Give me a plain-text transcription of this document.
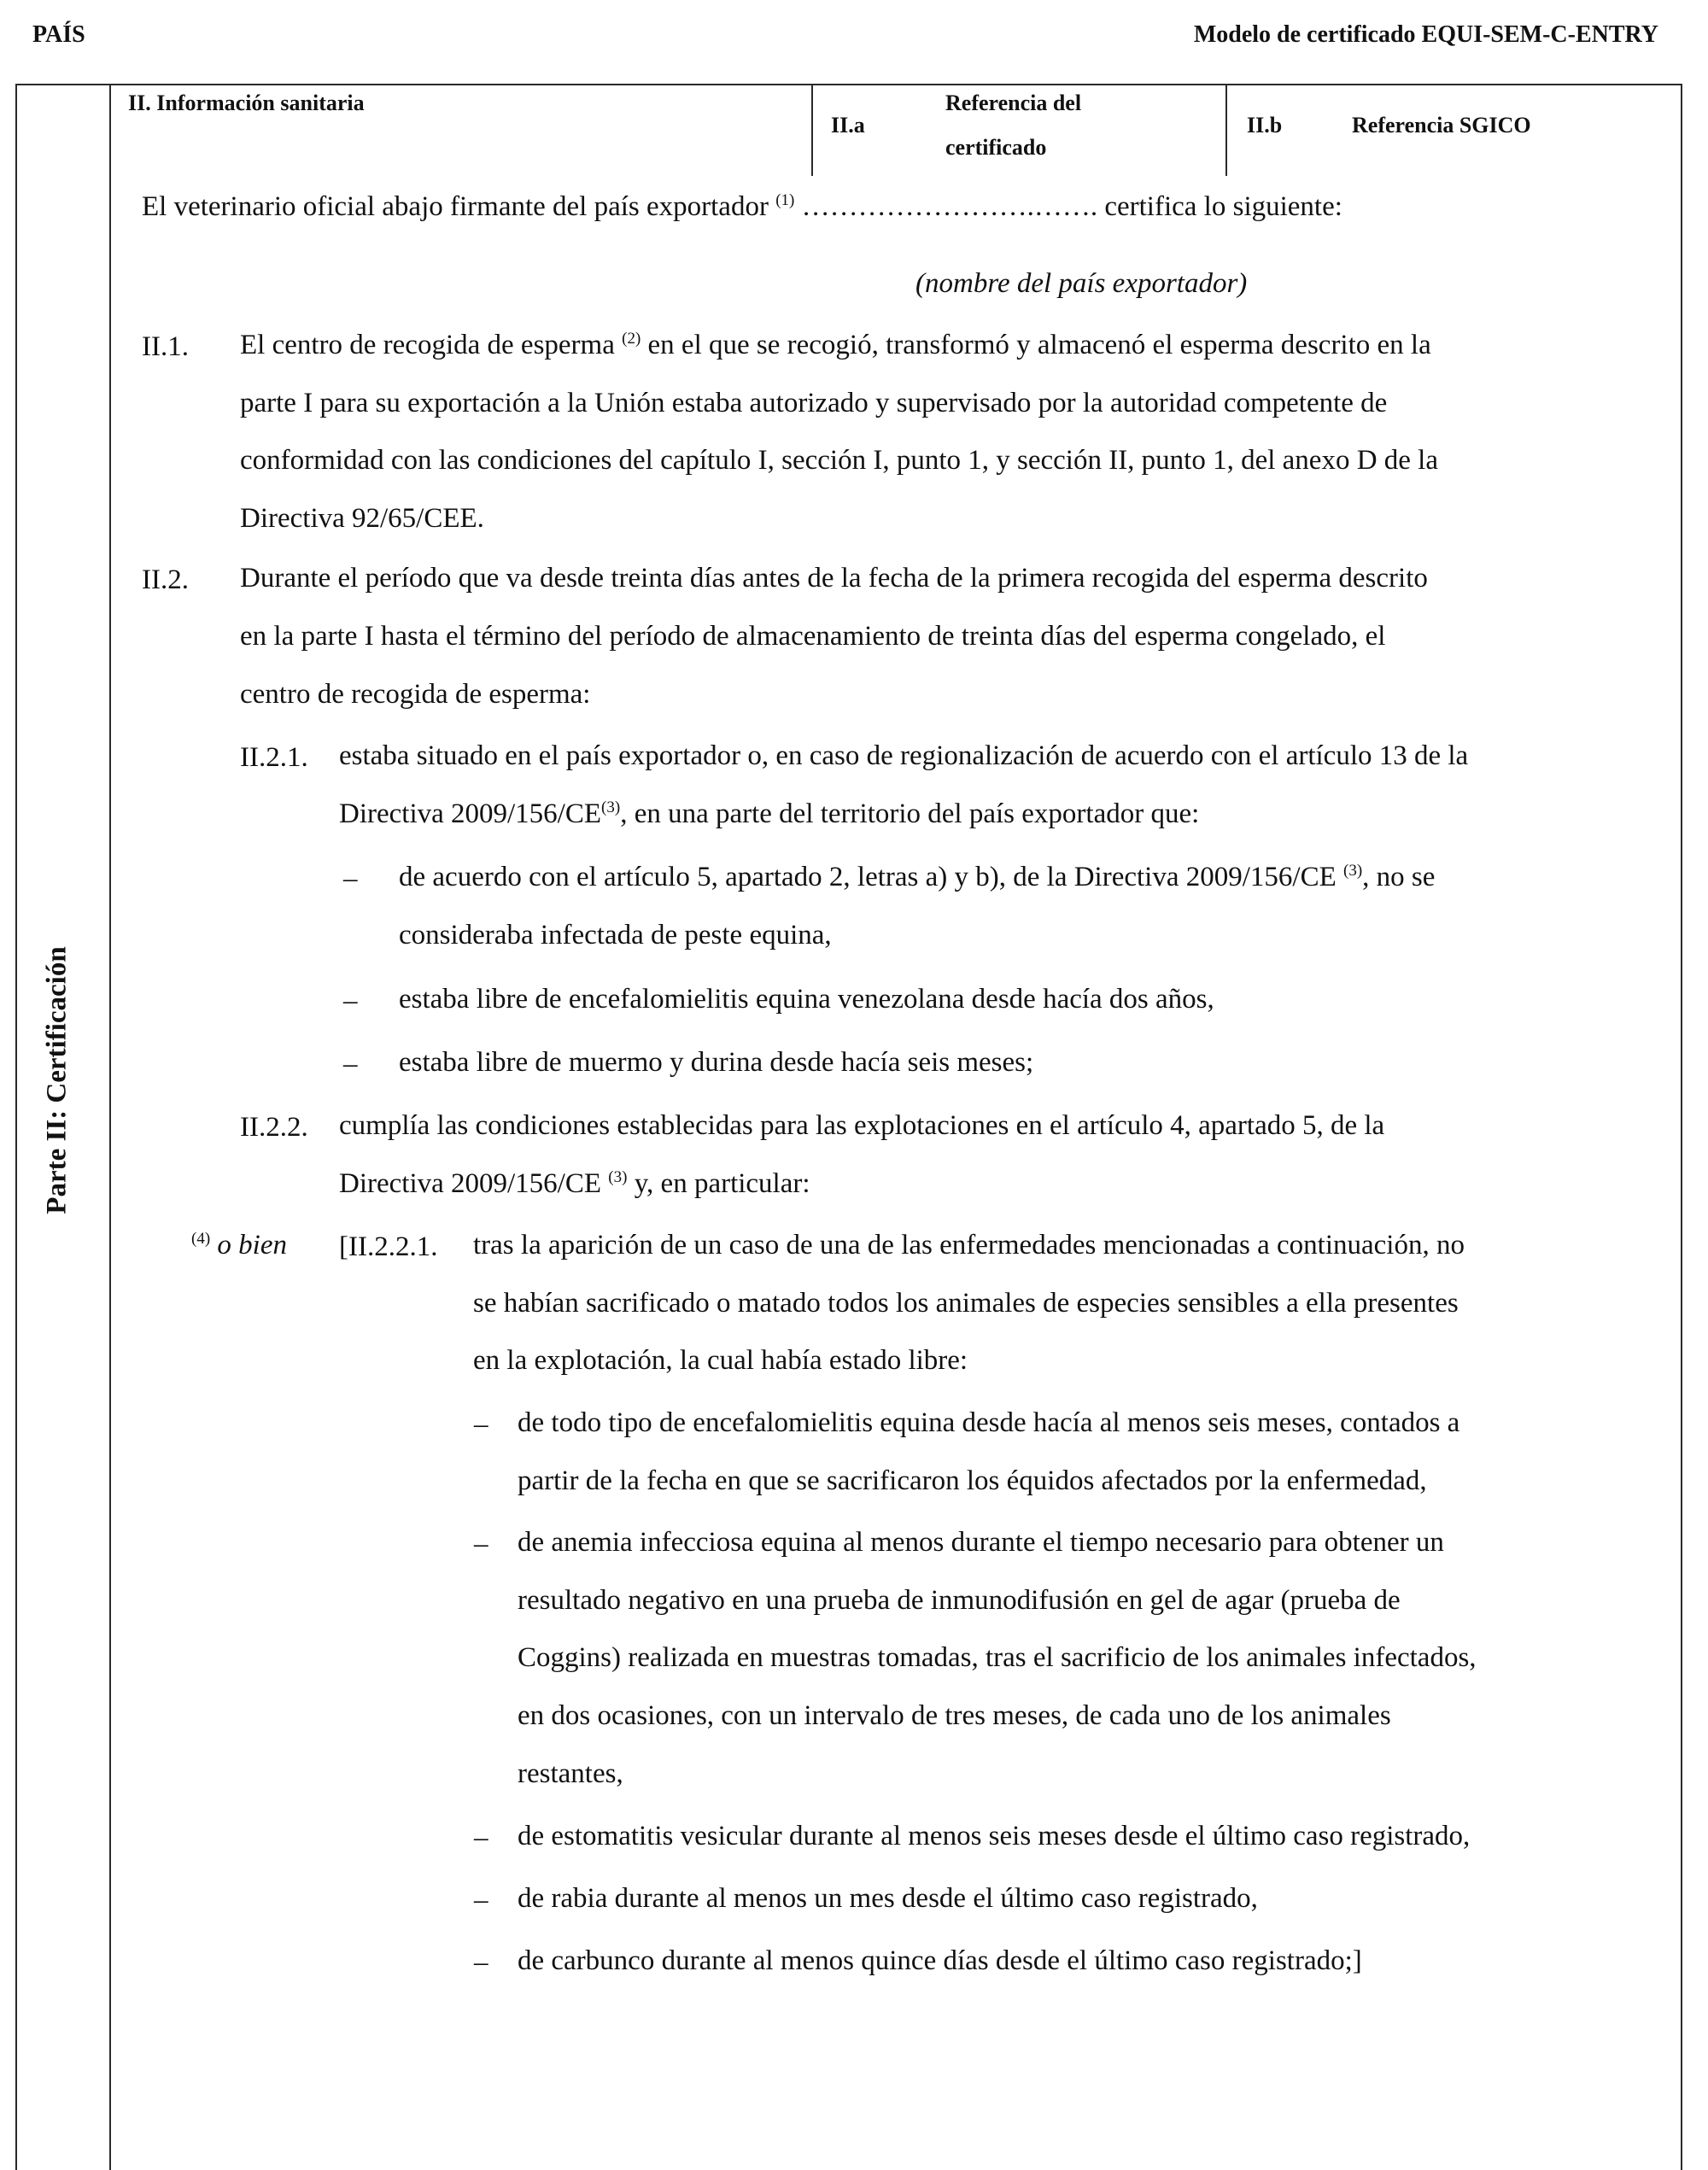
PAÍS	Modelo de certificado EQUI-SEM-C-ENTRY
Parte II: Certificación
II. Información sanitaria
II.a
Referencia del
certificado
II.b	Referencia SGICO
El veterinario oficial abajo firmante del país exportador $^{(1)}$ …………………….……. certifica lo siguiente:
(nombre del país exportador)
II.1. El centro de recogida de esperma $^{(2)}$ en el que se recogió, transformó y almacenó el esperma descrito en la
parte I para su exportación a la Unión estaba autorizado y supervisado por la autoridad competente de
conformidad con las condiciones del capítulo I, sección I, punto 1, y sección II, punto 1, del anexo D de la
Directiva 92/65/CEE.
II.2. Durante el período que va desde treinta días antes de la fecha de la primera recogida del esperma descrito
en la parte I hasta el término del período de almacenamiento de treinta días del esperma congelado, el
centro de recogida de esperma:
II.2.1. estaba situado en el país exportador o, en caso de regionalización de acuerdo con el artículo 13 de la
Directiva 2009/156/CE$^{(3)}$, en una parte del territorio del país exportador que:
– de acuerdo con el artículo 5, apartado 2, letras a) y b), de la Directiva 2009/156/CE $^{(3)}$, no se
consideraba infectada de peste equina,
– estaba libre de encefalomielitis equina venezolana desde hacía dos años,
– estaba libre de muermo y durina desde hacía seis meses;
II.2.2. cumplía las condiciones establecidas para las explotaciones en el artículo 4, apartado 5, de la
Directiva 2009/156/CE $^{(3)}$ y, en particular:
$^{(4)}$ o bien [II.2.2.1. tras la aparición de un caso de una de las enfermedades mencionadas a continuación, no
se habían sacrificado o matado todos los animales de especies sensibles a ella presentes
en la explotación, la cual había estado libre:
– de todo tipo de encefalomielitis equina desde hacía al menos seis meses, contados a
partir de la fecha en que se sacrificaron los équidos afectados por la enfermedad,
– de anemia infecciosa equina al menos durante el tiempo necesario para obtener un
resultado negativo en una prueba de inmunodifusión en gel de agar (prueba de
Coggins) realizada en muestras tomadas, tras el sacrificio de los animales infectados,
en dos ocasiones, con un intervalo de tres meses, de cada uno de los animales
restantes,
– de estomatitis vesicular durante al menos seis meses desde el último caso registrado,
– de rabia durante al menos un mes desde el último caso registrado,
– de carbunco durante al menos quince días desde el último caso registrado;]
